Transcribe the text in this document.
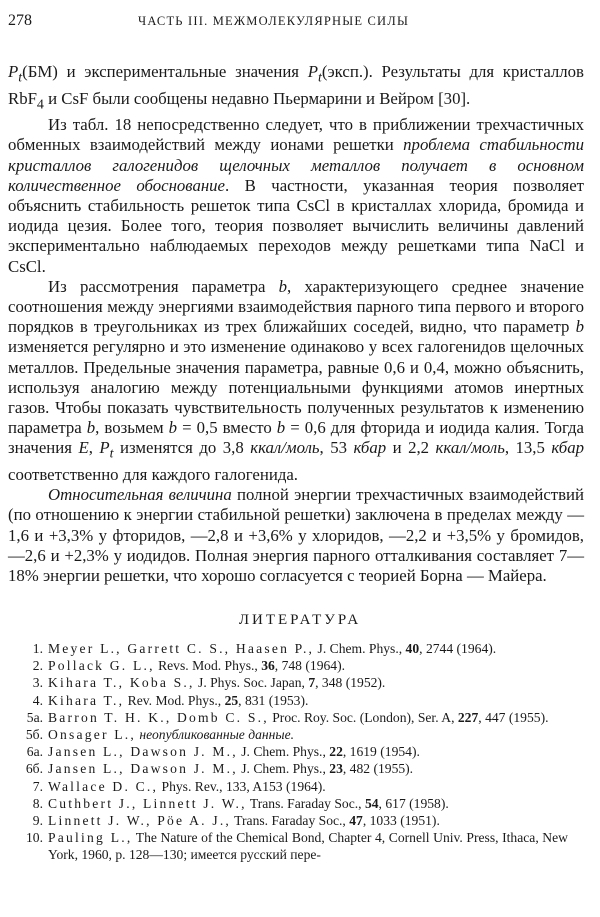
278	ЧАСТЬ III. МЕЖМОЛЕКУЛЯРНЫЕ СИЛЫ

$P_t(БМ)$ и экспериментальные значения $P_t(эксп.)$. Результаты для кристаллов RbF$_4$ и CsF были сообщены недавно Пьермарини и Вейром [30].

Из табл. 18 непосредственно следует, что в приближении трехчастичных обменных взаимодействий между ионами решетки проблема стабильности кристаллов галогенидов щелочных металлов получает в основном количественное обоснование. В частности, указанная теория позволяет объяснить стабильность решеток типа CsCl в кристаллах хлорида, бромида и иодида цезия. Более того, теория позволяет вычислить величины давлений экспериментально наблюдаемых переходов между решетками типа NaCl и CsCl.

Из рассмотрения параметра b, характеризующего среднее значение соотношения между энергиями взаимодействия парного типа первого и второго порядков в треугольниках из трех ближайших соседей, видно, что параметр b изменяется регулярно и это изменение одинаково у всех галогенидов щелочных металлов. Предельные значения параметра, равные 0,6 и 0,4, можно объяснить, используя аналогию между потенциальными функциями атомов инертных газов. Чтобы показать чувствительность полученных результатов к изменению параметра b, возьмем b = 0,5 вместо b = 0,6 для фторида и иодида калия. Тогда значения E, $P_t$ изменятся до 3,8 ккал/моль, 53 кбар и 2,2 ккал/моль, 13,5 кбар соответственно для каждого галогенида.

Относительная величина полной энергии трехчастичных взаимодействий (по отношению к энергии стабильной решетки) заключена в пределах между —1,6 и +3,3% у фторидов, —2,8 и +3,6% у хлоридов, —2,2 и +3,5% у бромидов, —2,6 и +2,3% у иодидов. Полная энергия парного отталкивания составляет 7—18% энергии решетки, что хорошо согласуется с теорией Борна — Майера.

ЛИТЕРАТУРА
1. Meyer L., Garrett C. S., Haasen P., J. Chem. Phys., 40, 2744 (1964).
2. Pollack G. L., Revs. Mod. Phys., 36, 748 (1964).
3. Kihara T., Koba S., J. Phys. Soc. Japan, 7, 348 (1952).
4. Kihara T., Rev. Mod. Phys., 25, 831 (1953).
5а. Barron T. H. K., Domb C. S., Proc. Roy. Soc. (London), Ser. A, 227, 447 (1955).
5б. Onsager L., неопубликованные данные.
6а. Jansen L., Dawson J. M., J. Chem. Phys., 22, 1619 (1954).
6б. Jansen L., Dawson J. M., J. Chem. Phys., 23, 482 (1955).
7. Wallace D. C., Phys. Rev., 133, A153 (1964).
8. Cuthbert J., Linnett J. W., Trans. Faraday Soc., 54, 617 (1958).
9. Linnett J. W., Pöe A. J., Trans. Faraday Soc., 47, 1033 (1951).
10. Pauling L., The Nature of the Chemical Bond, Chapter 4, Cornell Univ. Press, Ithaca, New York, 1960, p. 128—130; имеется русский пере-
